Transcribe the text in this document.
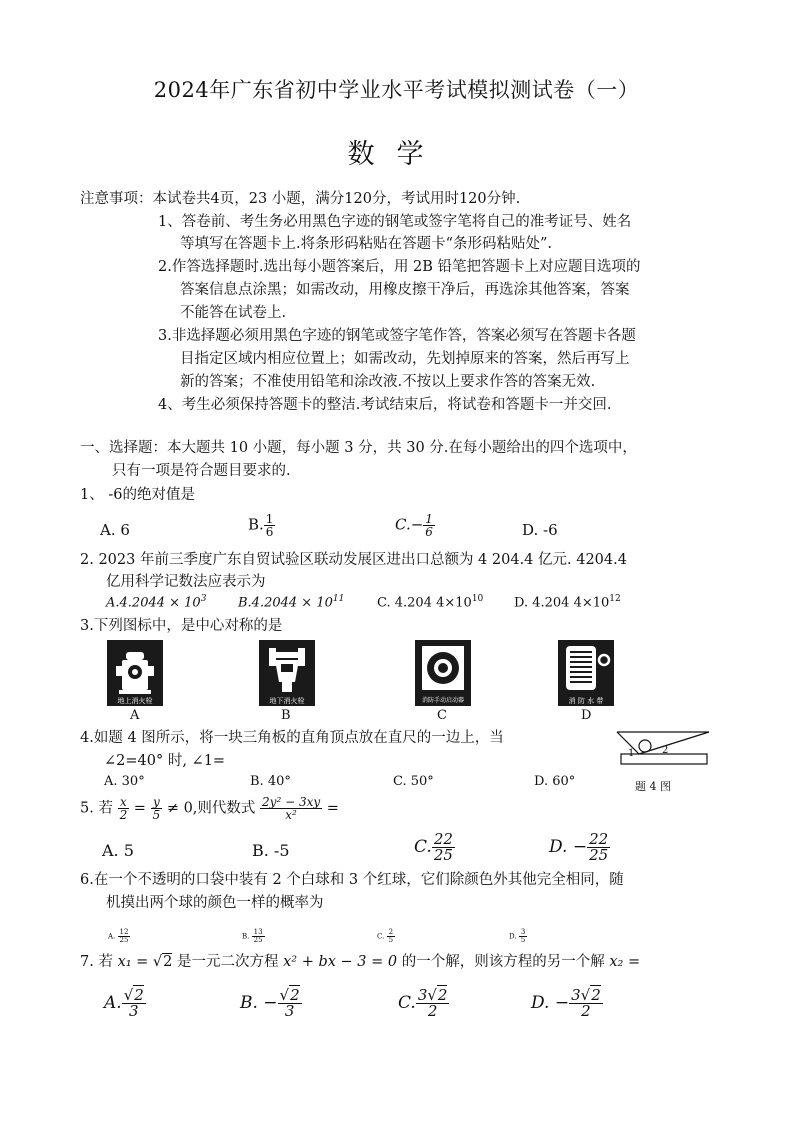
2024年广东省初中学业水平考试模拟测试卷（一）
数学
注意事项：本试卷共4页，23 小题，满分120分，考试用时120分钟.
1、答卷前、考生务必用黑色字迹的钢笔或签字笔将自己的准考证号、姓名
等填写在答题卡上.将条形码粘贴在答题卡“条形码粘贴处”.
2.作答选择题时.选出每小题答案后，用 2B 铅笔把答题卡上对应题目选项的
答案信息点涂黑；如需改动，用橡皮擦干净后，再选涂其他答案，答案
不能答在试卷上.
3.非选择题必须用黑色字迹的钢笔或签字笔作答，答案必须写在答题卡各题
目指定区域内相应位置上；如需改动，先划掉原来的答案，然后再写上
新的答案；不准使用铅笔和涂改液.不按以上要求作答的答案无效.
4、考生必须保持答题卡的整洁.考试结束后，将试卷和答题卡一并交回.
一、选择题：本大题共 10 小题，每小题 3 分，共 30 分.在每小题给出的四个选项中，
只有一项是符合题目要求的.
1、 -6的绝对值是
A. 6	B. $\frac{1}{6}$	$C.- \frac{1}{6}$	D. -6
2. 2023 年前三季度广东自贸试验区联动发展区进出口总额为 4 204.4 亿元. 4204.4
亿用科学记数法应表示为
$A.4.2044 \times 10^3$ $B.4.2044 \times 10^{11}$	C. 4.204 $4\times 10^{10}$ D. 4.204 $4\times 10^{12}$
3.下列图标中，是中心对称的是
地上消火栓
A
地下消火栓
B
消防手动启动器
C
消 防 水 带
D
4.如题 4 图所示，将一块三角板的直角顶点放在直尺的一边上，当
∠2=40° 时, ∠1=
A. 30°	B. 40°	C. 50°	D. 60°
1	2
题 4 图
5. 若 $\frac{x}{2} = \frac{y}{5} \ne 0$,则代数式 $\frac{\text{2y² − 3xy}}{\text{x²}}$ =
A. 5	B. -5	C. $\frac{22}{25}$	D. − $\frac{22}{25}$
6.在一个不透明的口袋中装有 2 个白球和 3 个红球，它们除颜色外其他完全相同，随
机摸出两个球的颜色一样的概率为
A. $\frac{12}{25}$	B. $\frac{13}{25}$	C. $\frac{2}{5}$	D. $\frac{3}{5}$
7. 若 x₁ = √2 是一元二次方程 x² + bx − 3 = 0 的一个解，则该方程的另一个解 x₂ =
A. $\frac{√2}{3}$	B. − $\frac{√2}{3}$	C. $\frac{3√2}{2}$	D. − $\frac{3√2}{2}$
